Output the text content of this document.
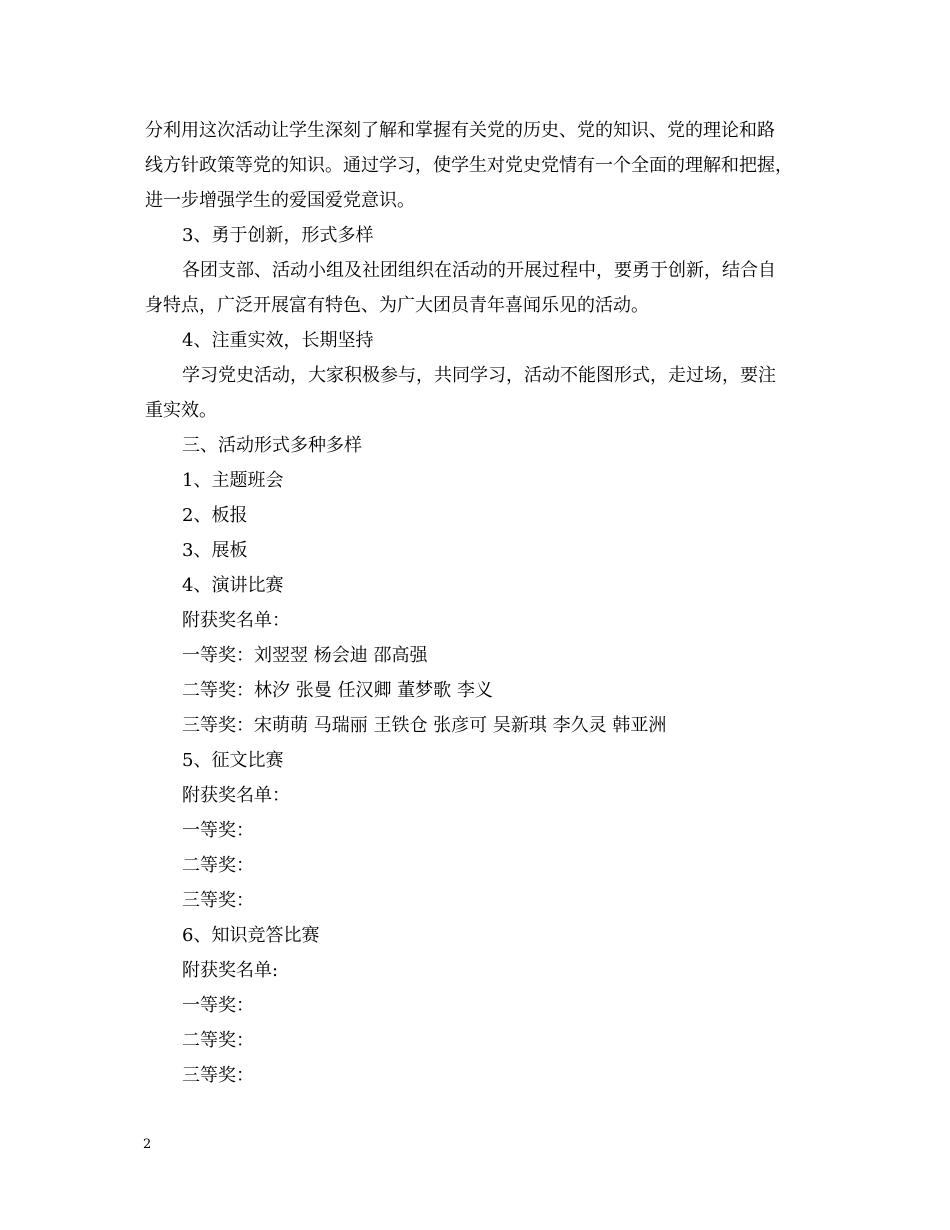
分利用这次活动让学生深刻了解和掌握有关党的历史、党的知识、党的理论和路
线方针政策等党的知识。通过学习，使学生对党史党情有一个全面的理解和把握，
进一步增强学生的爱国爱党意识。
3、勇于创新，形式多样
各团支部、活动小组及社团组织在活动的开展过程中，要勇于创新，结合自
身特点，广泛开展富有特色、为广大团员青年喜闻乐见的活动。
4、注重实效，长期坚持
学习党史活动，大家积极参与，共同学习，活动不能图形式，走过场，要注
重实效。
三、活动形式多种多样
1、主题班会
2、板报
3、展板
4、演讲比赛
附获奖名单：
一等奖：刘翌翌 杨会迪 邵高强
二等奖：林汐 张曼 任汉卿 董梦歌 李义
三等奖：宋萌萌 马瑞丽 王铁仓 张彦可 吴新琪 李久灵 韩亚洲
5、征文比赛
附获奖名单：
一等奖：
二等奖：
三等奖：
6、知识竞答比赛
附获奖名单:
一等奖：
二等奖：
三等奖：
2
